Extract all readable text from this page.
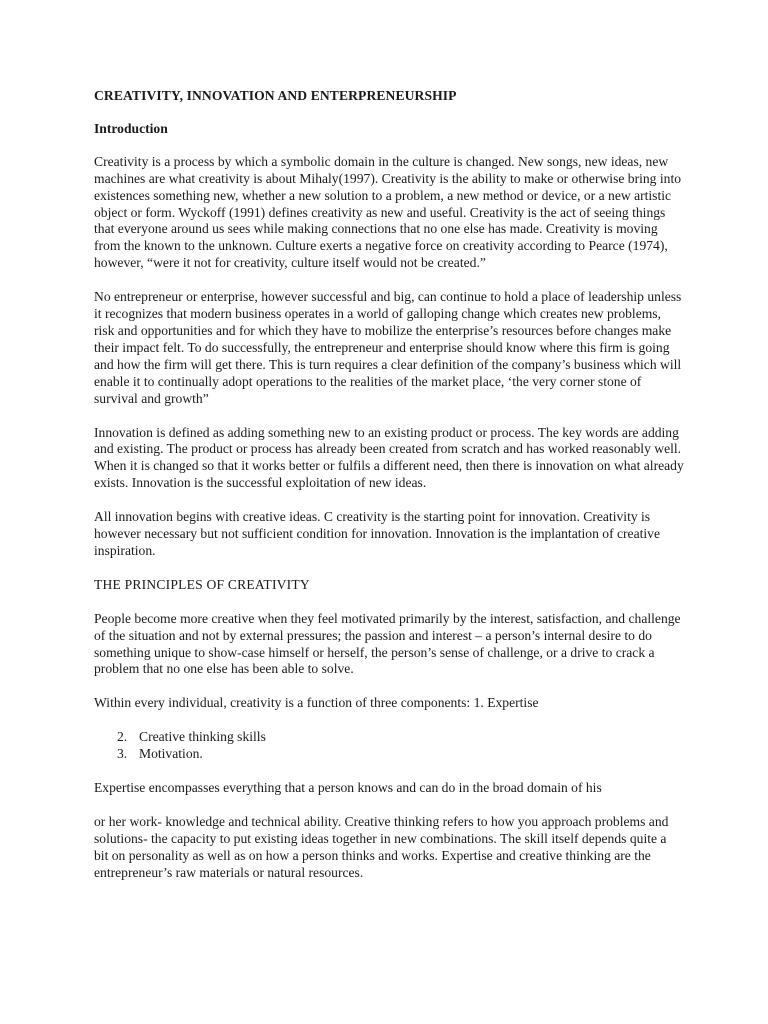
CREATIVITY, INNOVATION AND ENTERPRENEURSHIP
Introduction

Creativity is a process by which a symbolic domain in the culture is changed. New songs, new ideas, new machines are what creativity is about Mihaly(1997). Creativity is the ability to make or otherwise bring into existences something new, whether a new solution to a problem, a new method or device, or a new artistic object or form. Wyckoff (1991) defines creativity as new and useful. Creativity is the act of seeing things that everyone around us sees while making connections that no one else has made. Creativity is moving from the known to the unknown. Culture exerts a negative force on creativity according to Pearce (1974), however, “were it not for creativity, culture itself would not be created.”

No entrepreneur or enterprise, however successful and big, can continue to hold a place of leadership unless it recognizes that modern business operates in a world of galloping change which creates new problems, risk and opportunities and for which they have to mobilize the enterprise’s resources before changes make their impact felt. To do successfully, the entrepreneur and enterprise should know where this firm is going and how the firm will get there. This is turn requires a clear definition of the company’s business which will enable it to continually adopt operations to the realities of the market place, ‘the very corner stone of survival and growth”

Innovation is defined as adding something new to an existing product or process. The key words are adding and existing. The product or process has already been created from scratch and has worked reasonably well. When it is changed so that it works better or fulfils a different need, then there is innovation on what already exists. Innovation is the successful exploitation of new ideas.

All innovation begins with creative ideas. C creativity is the starting point for innovation. Creativity is however necessary but not sufficient condition for innovation. Innovation is the implantation of creative inspiration.

THE PRINCIPLES OF CREATIVITY

People become more creative when they feel motivated primarily by the interest, satisfaction, and challenge of the situation and not by external pressures; the passion and interest – a person’s internal desire to do something unique to show-case himself or herself, the person’s sense of challenge, or a drive to crack a problem that no one else has been able to solve.

Within every individual, creativity is a function of three components: 1. Expertise

2. Creative thinking skills
3. Motivation.

Expertise encompasses everything that a person knows and can do in the broad domain of his

or her work- knowledge and technical ability. Creative thinking refers to how you approach problems and solutions- the capacity to put existing ideas together in new combinations. The skill itself depends quite a bit on personality as well as on how a person thinks and works. Expertise and creative thinking are the entrepreneur’s raw materials or natural resources.
